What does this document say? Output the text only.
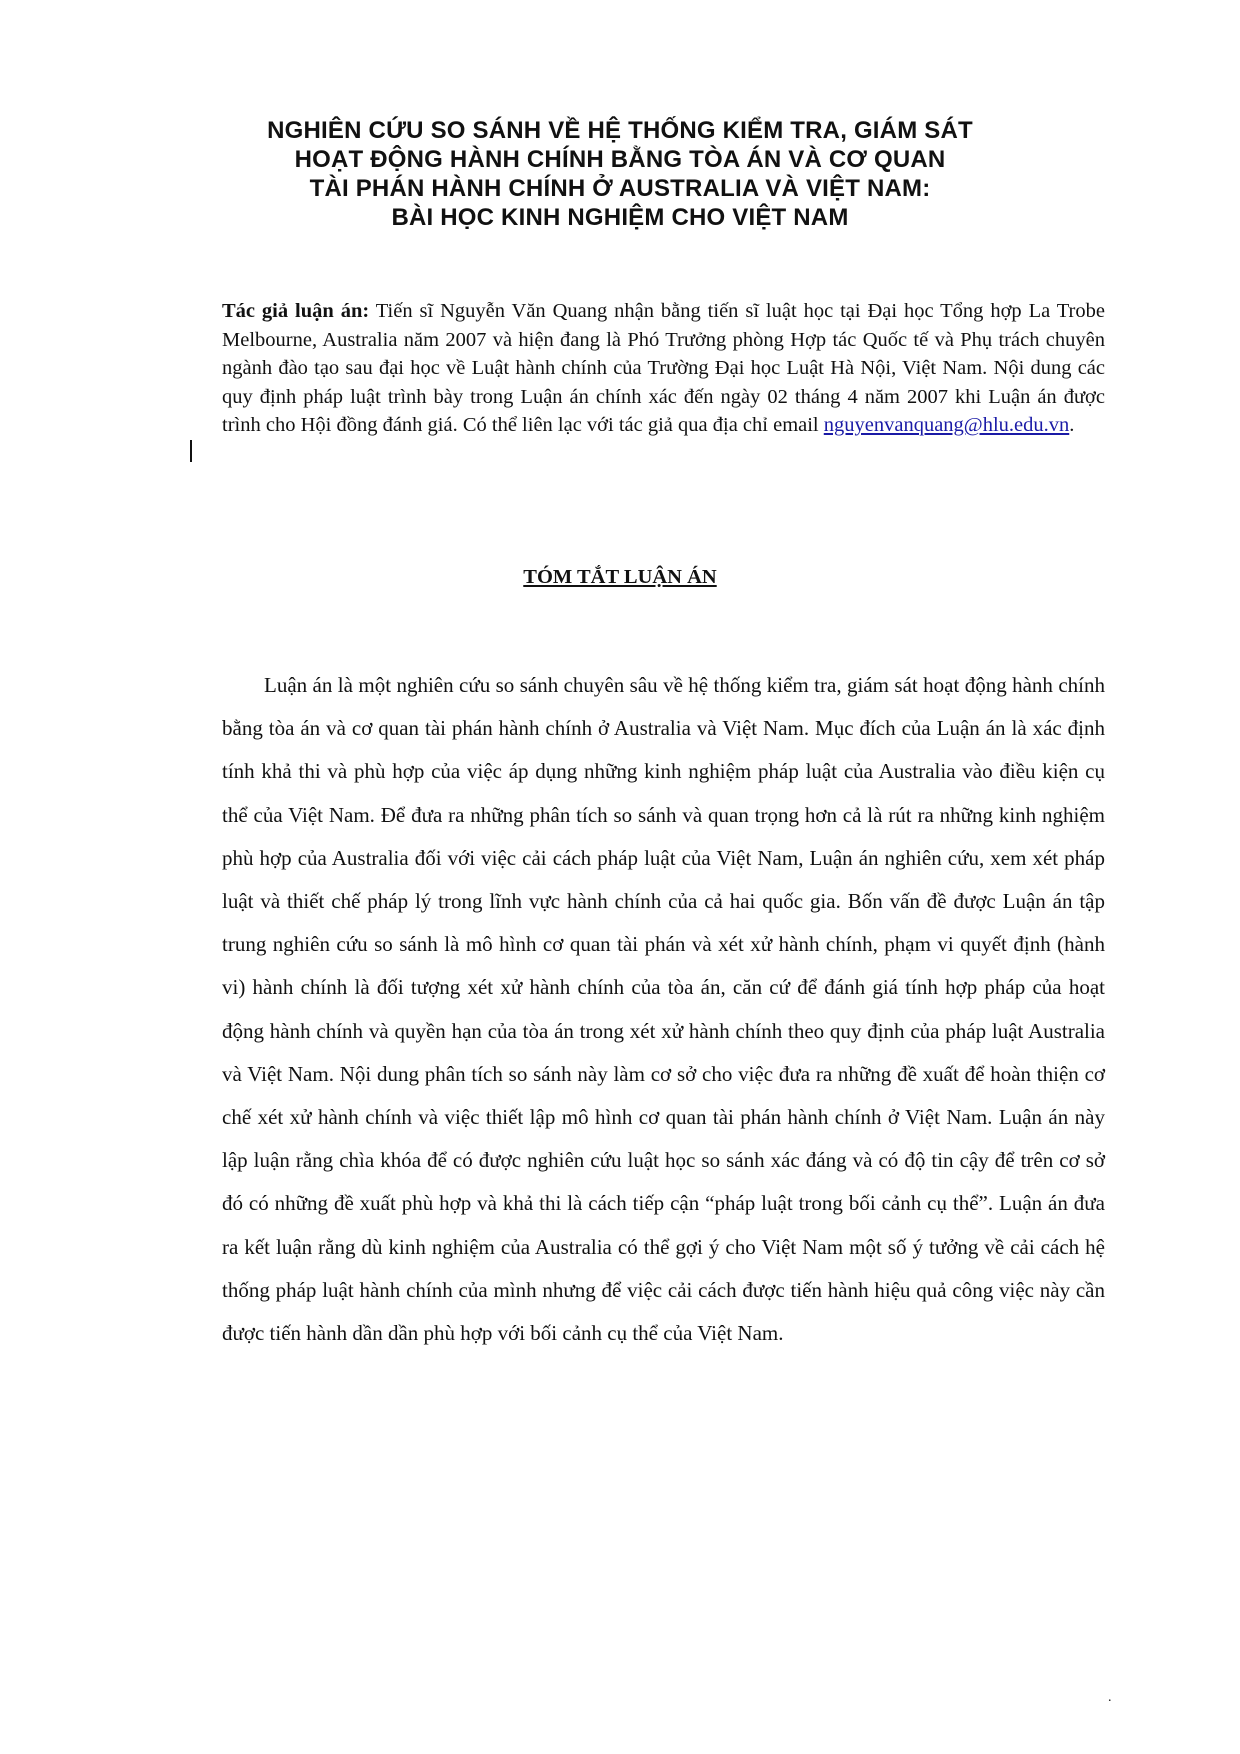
NGHIÊN CỨU SO SÁNH VỀ HỆ THỐNG KIỂM TRA, GIÁM SÁT
HOẠT ĐỘNG HÀNH CHÍNH BẰNG TÒA ÁN VÀ CƠ QUAN
TÀI PHÁN HÀNH CHÍNH Ở AUSTRALIA VÀ VIỆT NAM:
BÀI HỌC KINH NGHIỆM CHO VIỆT NAM
Tác giả luận án: Tiến sĩ Nguyễn Văn Quang nhận bằng tiến sĩ luật học tại Đại học Tổng hợp La Trobe Melbourne, Australia năm 2007 và hiện đang là Phó Trưởng phòng Hợp tác Quốc tế và Phụ trách chuyên ngành đào tạo sau đại học về Luật hành chính của Trường Đại học Luật Hà Nội, Việt Nam. Nội dung các quy định pháp luật trình bày trong Luận án chính xác đến ngày 02 tháng 4 năm 2007 khi Luận án được trình cho Hội đồng đánh giá. Có thể liên lạc với tác giả qua địa chỉ email nguyenvanquang@hlu.edu.vn.
TÓM TẮT LUẬN ÁN

Luận án là một nghiên cứu so sánh chuyên sâu về hệ thống kiểm tra, giám sát hoạt động hành chính bằng tòa án và cơ quan tài phán hành chính ở Australia và Việt Nam. Mục đích của Luận án là xác định tính khả thi và phù hợp của việc áp dụng những kinh nghiệm pháp luật của Australia vào điều kiện cụ thể của Việt Nam. Để đưa ra những phân tích so sánh và quan trọng hơn cả là rút ra những kinh nghiệm phù hợp của Australia đối với việc cải cách pháp luật của Việt Nam, Luận án nghiên cứu, xem xét pháp luật và thiết chế pháp lý trong lĩnh vực hành chính của cả hai quốc gia. Bốn vấn đề được Luận án tập trung nghiên cứu so sánh là mô hình cơ quan tài phán và xét xử hành chính, phạm vi quyết định (hành vi) hành chính là đối tượng xét xử hành chính của tòa án, căn cứ để đánh giá tính hợp pháp của hoạt động hành chính và quyền hạn của tòa án trong xét xử hành chính theo quy định của pháp luật Australia và Việt Nam. Nội dung phân tích so sánh này làm cơ sở cho việc đưa ra những đề xuất để hoàn thiện cơ chế xét xử hành chính và việc thiết lập mô hình cơ quan tài phán hành chính ở Việt Nam. Luận án này lập luận rằng chìa khóa để có được nghiên cứu luật học so sánh xác đáng và có độ tin cậy để trên cơ sở đó có những đề xuất phù hợp và khả thi là cách tiếp cận “pháp luật trong bối cảnh cụ thể”. Luận án đưa ra kết luận rằng dù kinh nghiệm của Australia có thể gợi ý cho Việt Nam một số ý tưởng về cải cách hệ thống pháp luật hành chính của mình nhưng để việc cải cách được tiến hành hiệu quả công việc này cần được tiến hành dần dần phù hợp với bối cảnh cụ thể của Việt Nam.

.
